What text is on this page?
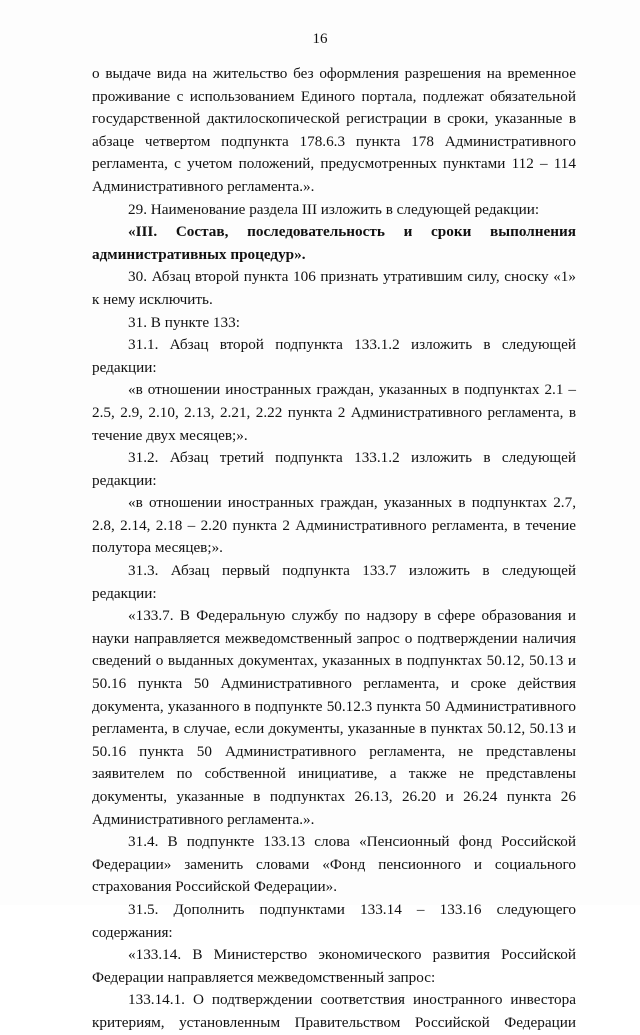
16

о выдаче вида на жительство без оформления разрешения на временное проживание с использованием Единого портала, подлежат обязательной государственной дактилоскопической регистрации в сроки, указанные в абзаце четвертом подпункта 178.6.3 пункта 178 Административного регламента, с учетом положений, предусмотренных пунктами 112 – 114 Административного регламента.».

29. Наименование раздела III изложить в следующей редакции:

«III. Состав, последовательность и сроки выполнения административных процедур».

30. Абзац второй пункта 106 признать утратившим силу, сноску «1» к нему исключить.

31. В пункте 133:

31.1. Абзац второй подпункта 133.1.2 изложить в следующей редакции:

«в отношении иностранных граждан, указанных в подпунктах 2.1 – 2.5, 2.9, 2.10, 2.13, 2.21, 2.22 пункта 2 Административного регламента, в течение двух месяцев;».

31.2. Абзац третий подпункта 133.1.2 изложить в следующей редакции:

«в отношении иностранных граждан, указанных в подпунктах 2.7, 2.8, 2.14, 2.18 – 2.20 пункта 2 Административного регламента, в течение полутора месяцев;».

31.3. Абзац первый подпункта 133.7 изложить в следующей редакции:

«133.7. В Федеральную службу по надзору в сфере образования и науки направляется межведомственный запрос о подтверждении наличия сведений о выданных документах, указанных в подпунктах 50.12, 50.13 и 50.16 пункта 50 Административного регламента, и сроке действия документа, указанного в подпункте 50.12.3 пункта 50 Административного регламента, в случае, если документы, указанные в пунктах 50.12, 50.13 и 50.16 пункта 50 Административного регламента, не представлены заявителем по собственной инициативе, а также не представлены документы, указанные в подпунктах 26.13, 26.20 и 26.24 пункта 26 Административного регламента.».

31.4. В подпункте 133.13 слова «Пенсионный фонд Российской Федерации» заменить словами «Фонд пенсионного и социального страхования Российской Федерации».

31.5. Дополнить подпунктами 133.14 – 133.16 следующего содержания:

«133.14. В Министерство экономического развития Российской Федерации направляется межведомственный запрос:

133.14.1. О подтверждении соответствия иностранного инвестора критериям, установленным Правительством Российской Федерации
